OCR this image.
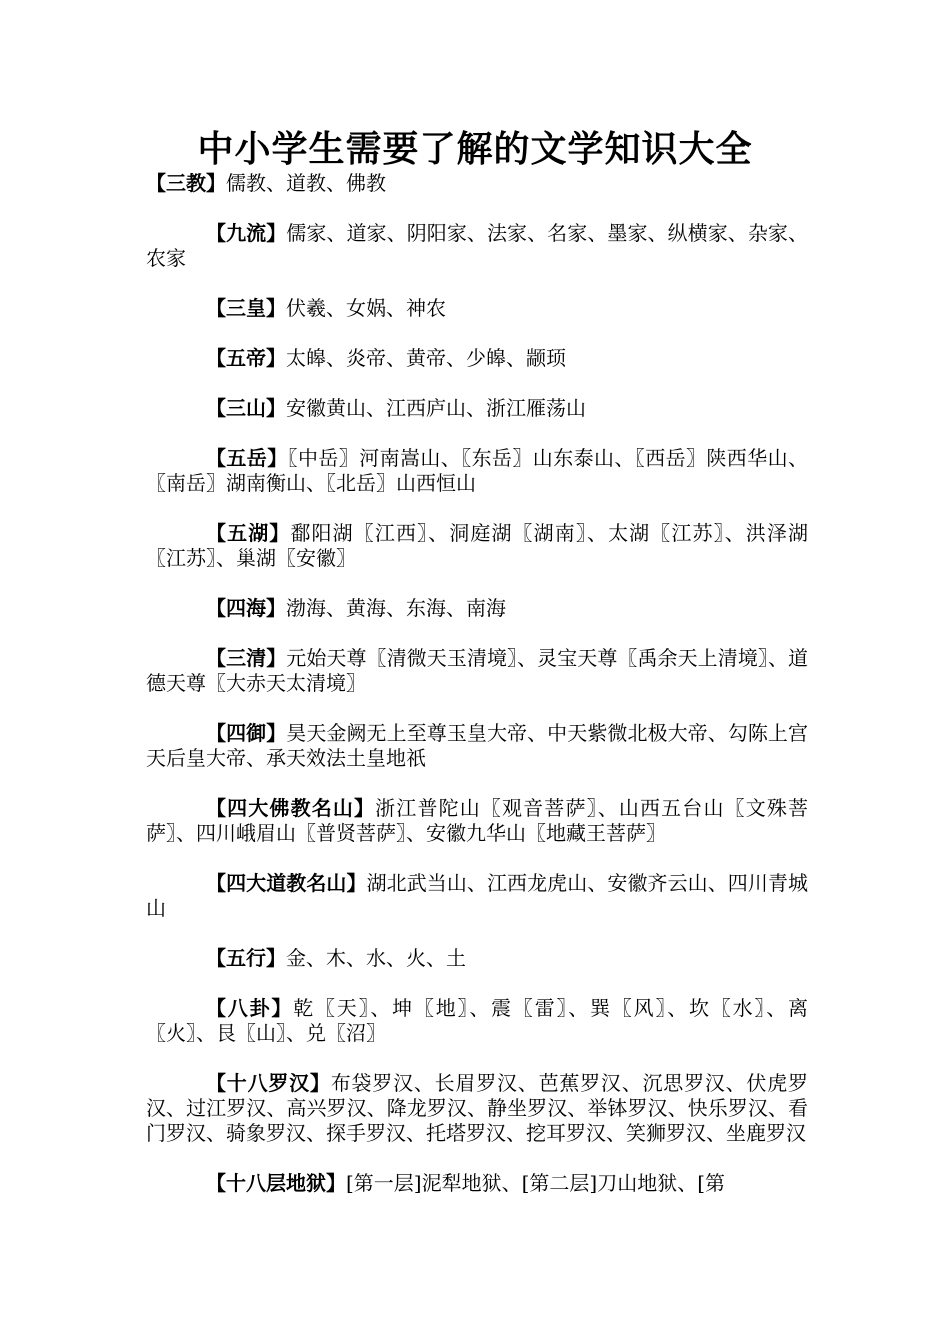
中小学生需要了解的文学知识大全

【三教】儒教、道教、佛教

【九流】儒家、道家、阴阳家、法家、名家、墨家、纵横家、杂家、农家

【三皇】伏羲、女娲、神农

【五帝】太皞、炎帝、黄帝、少皞、颛顼

【三山】安徽黄山、江西庐山、浙江雁荡山

【五岳】〖中岳〗河南嵩山、〖东岳〗山东泰山、〖西岳〗陕西华山、〖南岳〗湖南衡山、〖北岳〗山西恒山

【五湖】鄱阳湖〖江西〗、洞庭湖〖湖南〗、太湖〖江苏〗、洪泽湖〖江苏〗、巢湖〖安徽〗

【四海】渤海、黄海、东海、南海

【三清】元始天尊〖清微天玉清境〗、灵宝天尊〖禹余天上清境〗、道德天尊〖大赤天太清境〗

【四御】昊天金阙无上至尊玉皇大帝、中天紫微北极大帝、勾陈上宫天后皇大帝、承天效法土皇地祇

【四大佛教名山】浙江普陀山〖观音菩萨〗、山西五台山〖文殊菩萨〗、四川峨眉山〖普贤菩萨〗、安徽九华山〖地藏王菩萨〗

【四大道教名山】湖北武当山、江西龙虎山、安徽齐云山、四川青城山

【五行】金、木、水、火、土

【八卦】乾〖天〗、坤〖地〗、震〖雷〗、巽〖风〗、坎〖水〗、离〖火〗、艮〖山〗、兑〖沼〗

【十八罗汉】布袋罗汉、长眉罗汉、芭蕉罗汉、沉思罗汉、伏虎罗汉、过江罗汉、高兴罗汉、降龙罗汉、静坐罗汉、举钵罗汉、快乐罗汉、看门罗汉、骑象罗汉、探手罗汉、托塔罗汉、挖耳罗汉、笑狮罗汉、坐鹿罗汉

【十八层地狱】[第一层]泥犁地狱、[第二层]刀山地狱、[第
